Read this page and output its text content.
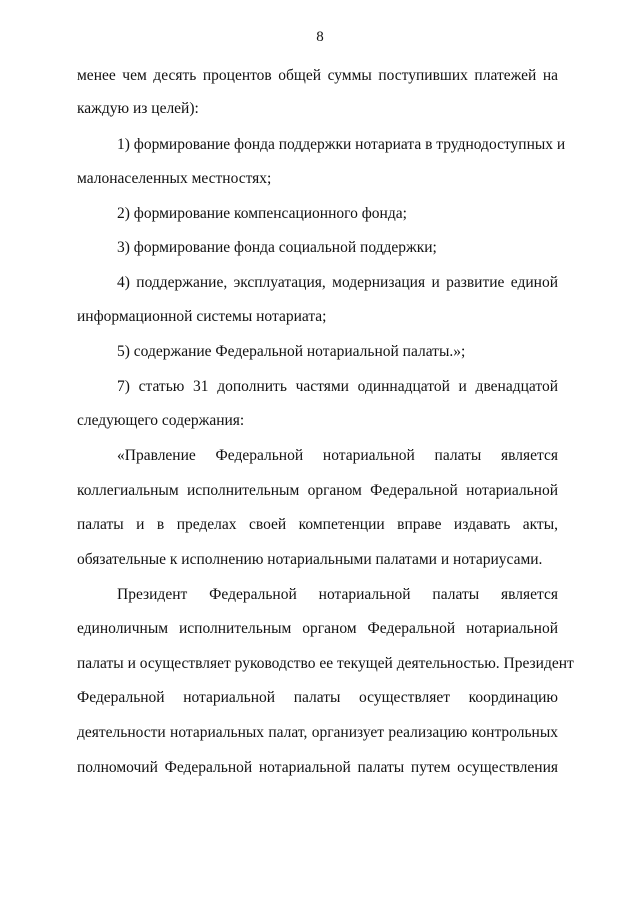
8
менее чем десять процентов общей суммы поступивших платежей на
каждую из целей):
1) формирование фонда поддержки нотариата в труднодоступных и
малонаселенных местностях;
2) формирование компенсационного фонда;
3) формирование фонда социальной поддержки;
4) поддержание, эксплуатация, модернизация и развитие единой
информационной системы нотариата;
5) содержание Федеральной нотариальной палаты.»;
7) статью 31 дополнить частями одиннадцатой и двенадцатой
следующего содержания:
«Правление Федеральной нотариальной палаты является
коллегиальным исполнительным органом Федеральной нотариальной
палаты и в пределах своей компетенции вправе издавать акты,
обязательные к исполнению нотариальными палатами и нотариусами.
Президент Федеральной нотариальной палаты является
единоличным исполнительным органом Федеральной нотариальной
палаты и осуществляет руководство ее текущей деятельностью. Президент
Федеральной нотариальной палаты осуществляет координацию
деятельности нотариальных палат, организует реализацию контрольных
полномочий Федеральной нотариальной палаты путем осуществления
